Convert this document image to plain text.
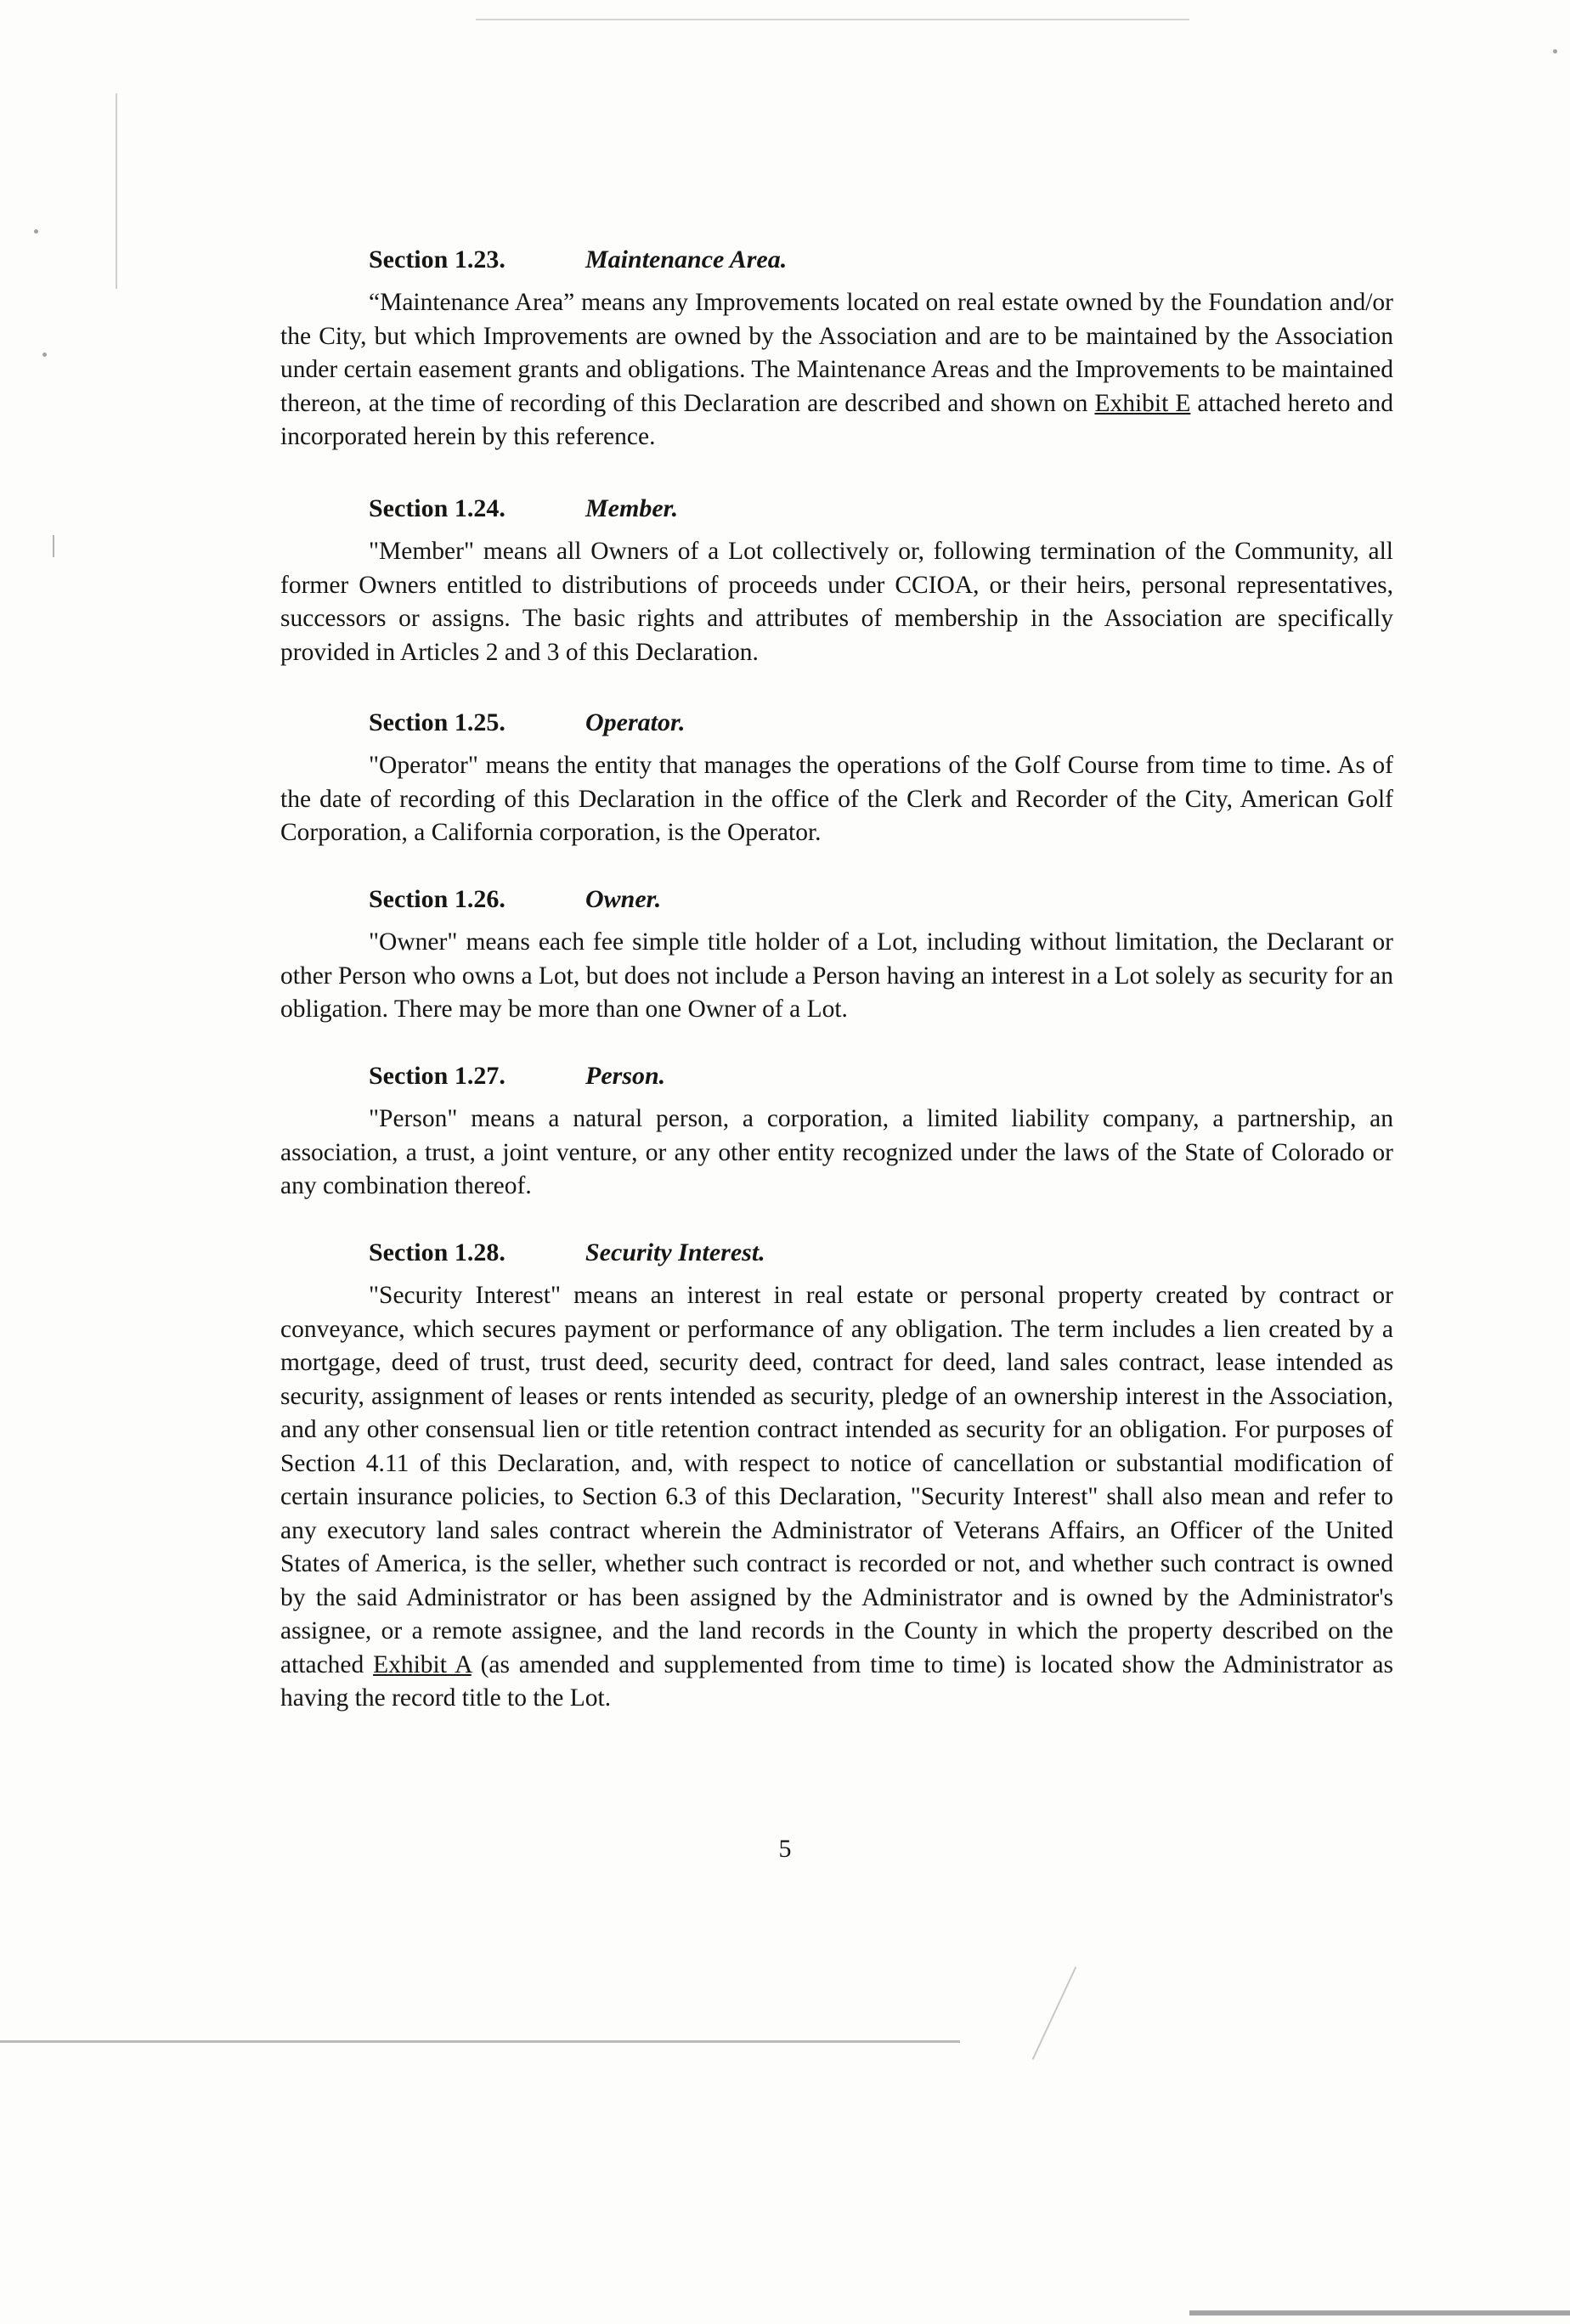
Section 1.23.	Maintenance Area.

“Maintenance Area” means any Improvements located on real estate owned by the Foundation and/or the City, but which Improvements are owned by the Association and are to be maintained by the Association under certain easement grants and obligations. The Maintenance Areas and the Improvements to be maintained thereon, at the time of recording of this Declaration are described and shown on Exhibit E attached hereto and incorporated herein by this reference.

Section 1.24.	Member.

"Member" means all Owners of a Lot collectively or, following termination of the Community, all former Owners entitled to distributions of proceeds under CCIOA, or their heirs, personal representatives, successors or assigns. The basic rights and attributes of membership in the Association are specifically provided in Articles 2 and 3 of this Declaration.

Section 1.25.	Operator.

"Operator" means the entity that manages the operations of the Golf Course from time to time. As of the date of recording of this Declaration in the office of the Clerk and Recorder of the City, American Golf Corporation, a California corporation, is the Operator.

Section 1.26.	Owner.

"Owner" means each fee simple title holder of a Lot, including without limitation, the Declarant or other Person who owns a Lot, but does not include a Person having an interest in a Lot solely as security for an obligation. There may be more than one Owner of a Lot.

Section 1.27.	Person.

"Person" means a natural person, a corporation, a limited liability company, a partnership, an association, a trust, a joint venture, or any other entity recognized under the laws of the State of Colorado or any combination thereof.

Section 1.28.	Security Interest.

"Security Interest" means an interest in real estate or personal property created by contract or conveyance, which secures payment or performance of any obligation. The term includes a lien created by a mortgage, deed of trust, trust deed, security deed, contract for deed, land sales contract, lease intended as security, assignment of leases or rents intended as security, pledge of an ownership interest in the Association, and any other consensual lien or title retention contract intended as security for an obligation. For purposes of Section 4.11 of this Declaration, and, with respect to notice of cancellation or substantial modification of certain insurance policies, to Section 6.3 of this Declaration, "Security Interest" shall also mean and refer to any executory land sales contract wherein the Administrator of Veterans Affairs, an Officer of the United States of America, is the seller, whether such contract is recorded or not, and whether such contract is owned by the said Administrator or has been assigned by the Administrator and is owned by the Administrator's assignee, or a remote assignee, and the land records in the County in which the property described on the attached Exhibit A (as amended and supplemented from time to time) is located show the Administrator as having the record title to the Lot.

5
